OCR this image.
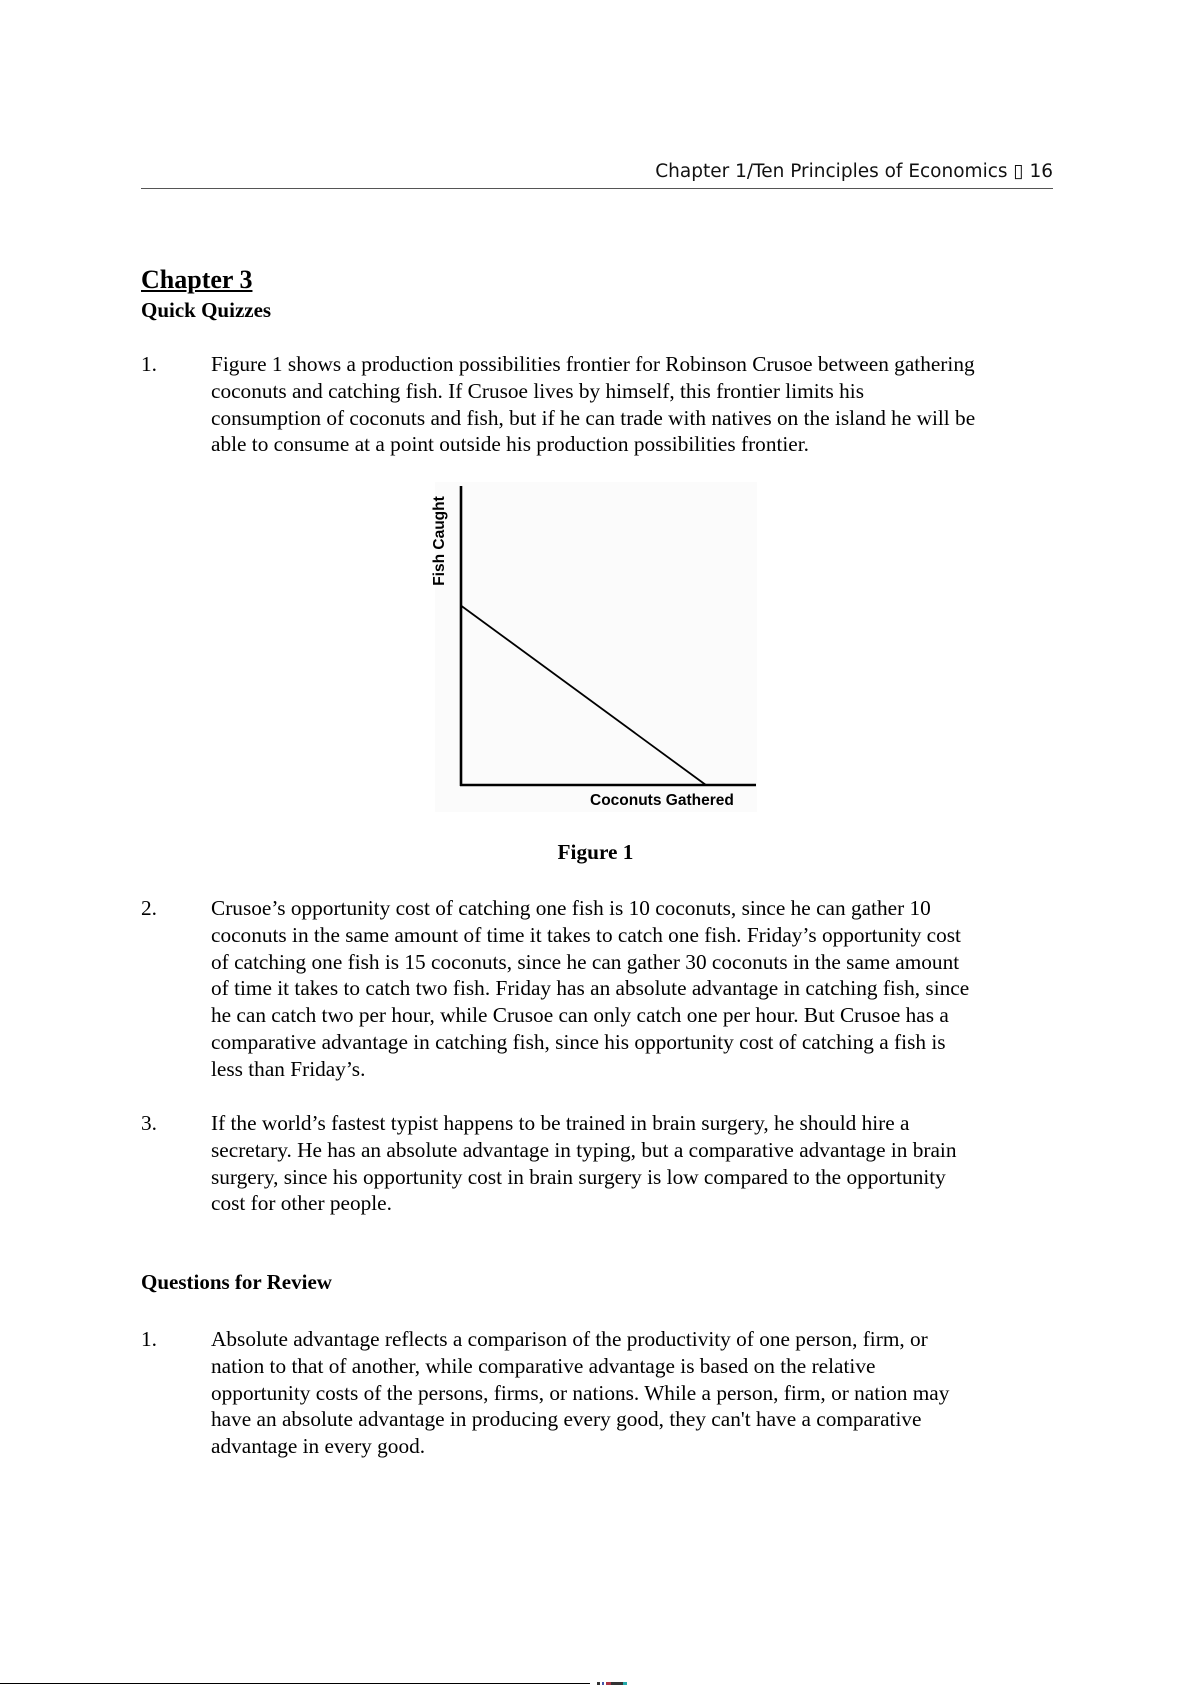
Chapter 1/Ten Principles of Economics ▯ 16
Chapter 3
Quick Quizzes
1.	Figure 1 shows a production possibilities frontier for Robinson Crusoe between gathering
coconuts and catching fish. If Crusoe lives by himself, this frontier limits his
consumption of coconuts and fish, but if he can trade with natives on the island he will be
able to consume at a point outside his production possibilities frontier.
Fish Caught
Coconuts Gathered
Figure 1
2.	Crusoe’s opportunity cost of catching one fish is 10 coconuts, since he can gather 10
coconuts in the same amount of time it takes to catch one fish. Friday’s opportunity cost
of catching one fish is 15 coconuts, since he can gather 30 coconuts in the same amount
of time it takes to catch two fish. Friday has an absolute advantage in catching fish, since
he can catch two per hour, while Crusoe can only catch one per hour. But Crusoe has a
comparative advantage in catching fish, since his opportunity cost of catching a fish is
less than Friday’s.
3.	If the world’s fastest typist happens to be trained in brain surgery, he should hire a
secretary. He has an absolute advantage in typing, but a comparative advantage in brain
surgery, since his opportunity cost in brain surgery is low compared to the opportunity
cost for other people.
Questions for Review
1.	Absolute advantage reflects a comparison of the productivity of one person, firm, or
nation to that of another, while comparative advantage is based on the relative
opportunity costs of the persons, firms, or nations. While a person, firm, or nation may
have an absolute advantage in producing every good, they can't have a comparative
advantage in every good.
